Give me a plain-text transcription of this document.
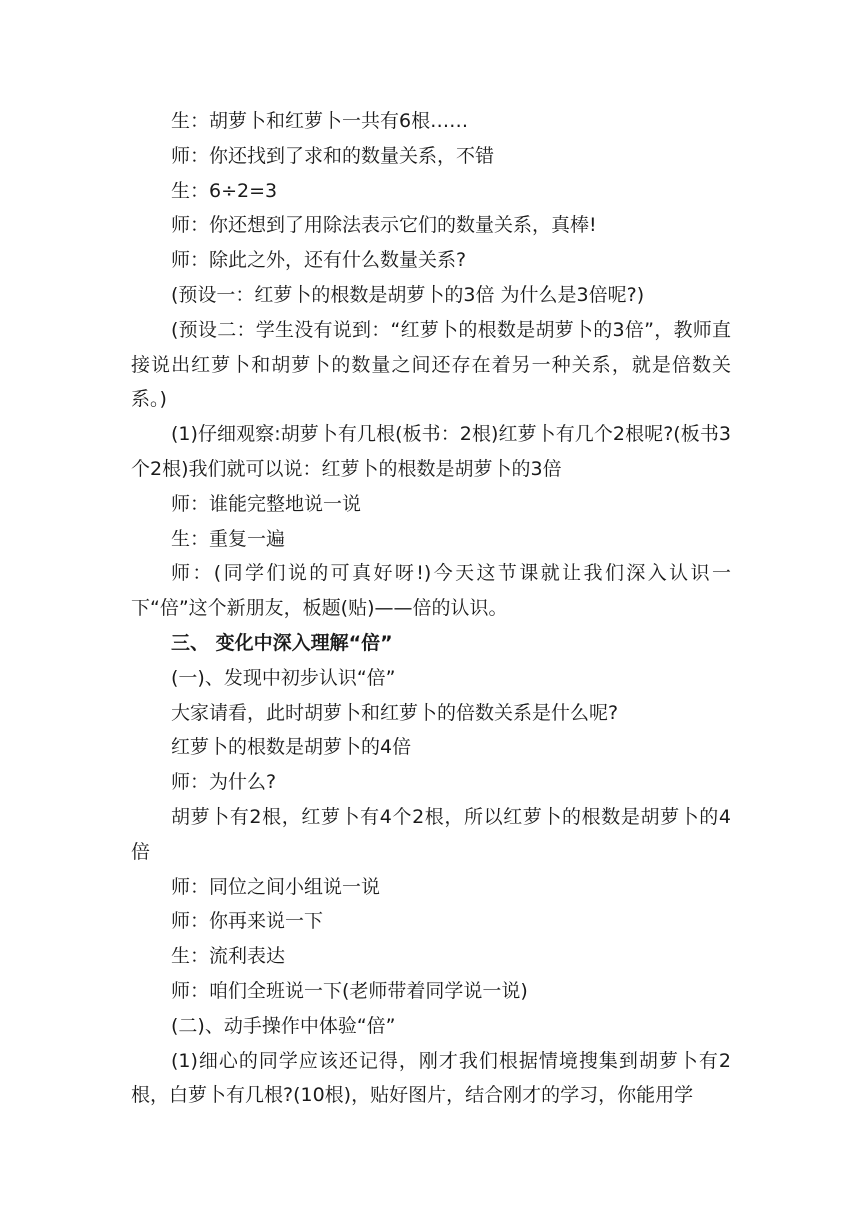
生：胡萝卜和红萝卜一共有6根……

师：你还找到了求和的数量关系，不错

生：6÷2=3

师：你还想到了用除法表示它们的数量关系，真棒!

师：除此之外，还有什么数量关系?

(预设一：红萝卜的根数是胡萝卜的3倍 为什么是3倍呢?)

(预设二：学生没有说到：“红萝卜的根数是胡萝卜的3倍”，教师直接说出红萝卜和胡萝卜的数量之间还存在着另一种关系，就是倍数关系。)

(1)仔细观察:胡萝卜有几根(板书：2根)红萝卜有几个2根呢?(板书3个2根)我们就可以说：红萝卜的根数是胡萝卜的3倍

师：谁能完整地说一说

生：重复一遍

师：(同学们说的可真好呀!)今天这节课就让我们深入认识一下“倍”这个新朋友，板题(贴)——倍的认识。

三、 变化中深入理解“倍”

(一)、发现中初步认识“倍”

大家请看，此时胡萝卜和红萝卜的倍数关系是什么呢?

红萝卜的根数是胡萝卜的4倍

师：为什么?

胡萝卜有2根，红萝卜有4个2根，所以红萝卜的根数是胡萝卜的4倍

师：同位之间小组说一说

师：你再来说一下

生：流利表达

师：咱们全班说一下(老师带着同学说一说)

(二)、动手操作中体验“倍”

(1)细心的同学应该还记得，刚才我们根据情境搜集到胡萝卜有2根，白萝卜有几根?(10根)，贴好图片，结合刚才的学习，你能用学
